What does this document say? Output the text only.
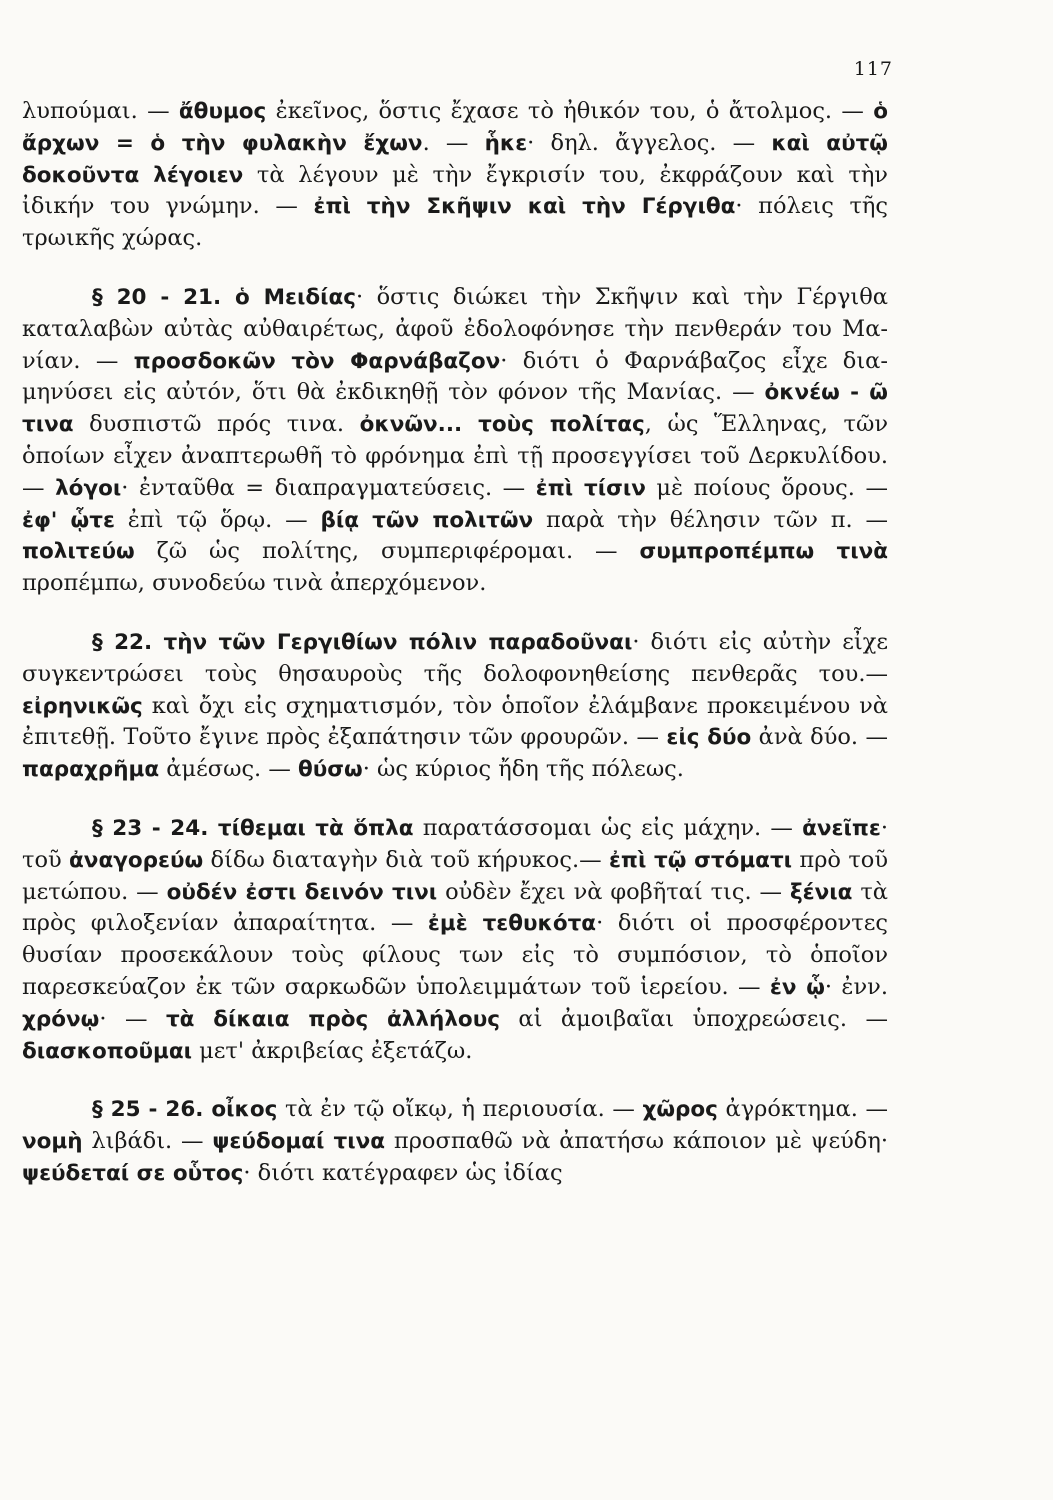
117

λυπούμαι. — ἄθυμος ἐκεῖνος, ὅστις ἔχασε τὸ ἠθικόν του, ὁ ἄτολμος. — ὁ ἄρχων = ὁ τὴν φυλακὴν ἔχων. — ἧκε· δηλ. ἄγγελος. — καὶ αὐτῷ δοκοῦντα λέγοιεν τὰ λέγουν μὲ τὴν ἔγκρισίν του, ἐκφράζουν καὶ τὴν ἰδικήν του γνώμην. — ἐπὶ τὴν Σκῆψιν καὶ τὴν Γέργιθα· πόλεις τῆς τρωικῆς χώρας.

§ 20 - 21. ὁ Μειδίας· ὅστις διώκει τὴν Σκῆψιν καὶ τὴν Γέργιθα καταλαβὼν αὐτὰς αὐθαιρέτως, ἀφοῦ ἐδολοφόνησε τὴν πενθεράν του Μανίαν. — προσδοκῶν τὸν Φαρνάβαζον· διότι ὁ Φαρνάβαζος εἶχε διαμηνύσει εἰς αὐτόν, ὅτι θὰ ἐκδικηθῇ τὸν φόνον τῆς Μανίας. — ὀκνέω - ῶ τινα δυσπιστῶ πρός τινα. ὀκνῶν... τοὺς πολίτας, ὡς Ἕλληνας, τῶν ὁποίων εἶχεν ἀναπτερωθῆ τὸ φρόνημα ἐπὶ τῇ προσεγγίσει τοῦ Δερκυλίδου. — λόγοι· ἐνταῦθα = διαπραγματεύσεις. — ἐπὶ τίσιν μὲ ποίους ὅρους. — ἐφ' ᾧτε ἐπὶ τῷ ὅρῳ. — βίᾳ τῶν πολιτῶν παρὰ τὴν θέλησιν τῶν π. — πολιτεύω ζῶ ὡς πολίτης, συμπεριφέρομαι. — συμπροπέμπω τινὰ προπέμπω, συνοδεύω τινὰ ἀπερχόμενον.

§ 22. τὴν τῶν Γεργιθίων πόλιν παραδοῦναι· διότι εἰς αὐτὴν εἶχε συγκεντρώσει τοὺς θησαυροὺς τῆς δολοφονηθείσης πενθερᾶς του.— εἰρηνικῶς καὶ ὄχι εἰς σχηματισμόν, τὸν ὁποῖον ἐλάμβανε προκειμένου νὰ ἐπιτεθῇ. Τοῦτο ἔγινε πρὸς ἐξαπάτησιν τῶν φρουρῶν. — εἰς δύο ἀνὰ δύο. — παραχρῆμα ἀμέσως. — θύσω· ὡς κύριος ἤδη τῆς πόλεως.

§ 23 - 24. τίθεμαι τὰ ὅπλα παρατάσσομαι ὡς εἰς μάχην. — ἀνεῖπε· τοῦ ἀναγορεύω δίδω διαταγὴν διὰ τοῦ κήρυκος.— ἐπὶ τῷ στόματι πρὸ τοῦ μετώπου. — οὐδέν ἐστι δεινόν τινι οὐδὲν ἔχει νὰ φοβῆταί τις. — ξένια τὰ πρὸς φιλοξενίαν ἀπαραίτητα. — ἐμὲ τεθυκότα· διότι οἱ προσφέροντες θυσίαν προσεκάλουν τοὺς φίλους των εἰς τὸ συμπόσιον, τὸ ὁποῖον παρεσκεύαζον ἐκ τῶν σαρκωδῶν ὑπολειμμάτων τοῦ ἱερείου. — ἐν ᾧ· ἐνν. χρόνῳ· — τὰ δίκαια πρὸς ἀλλήλους αἱ ἀμοιβαῖαι ὑποχρεώσεις. — διασκοποῦμαι μετ' ἀκριβείας ἐξετάζω.

§ 25 - 26. οἶκος τὰ ἐν τῷ οἴκῳ, ἡ περιουσία. — χῶρος ἀγρόκτημα. — νομὴ λιβάδι. — ψεύδομαί τινα προσπαθῶ νὰ ἀπατήσω κάποιον μὲ ψεύδη· ψεύδεταί σε οὗτος· διότι κατέγραφεν ὡς ἰδίας
